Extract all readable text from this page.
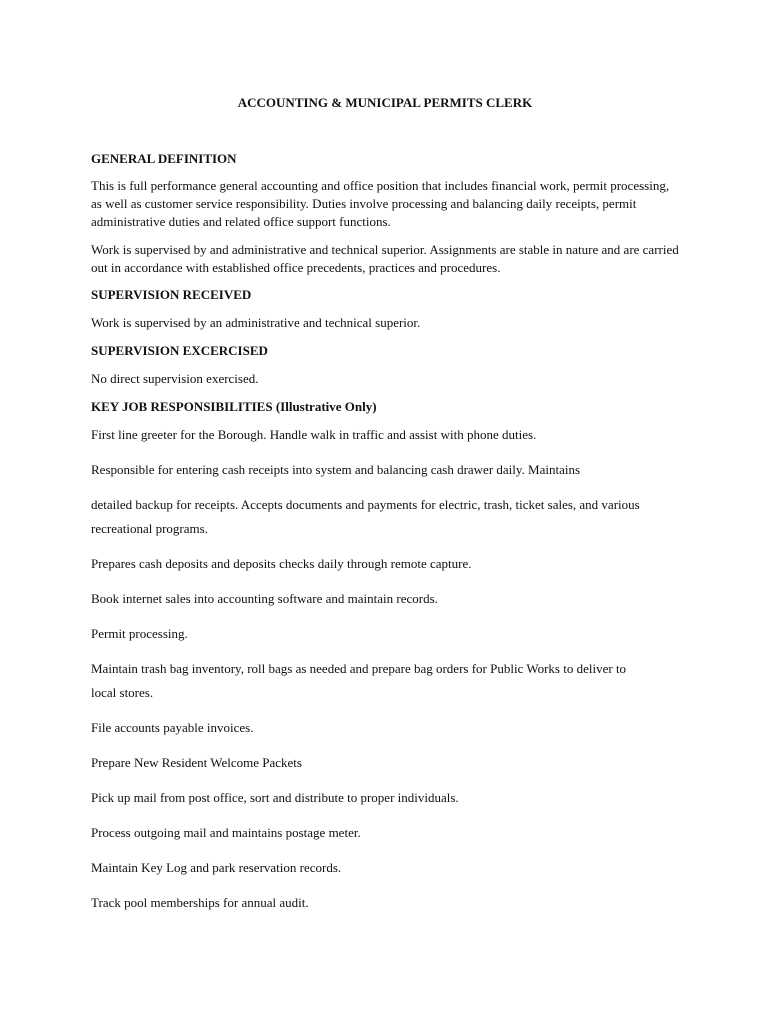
ACCOUNTING & MUNICIPAL PERMITS CLERK
GENERAL DEFINITION
This is full performance general accounting and office position that includes financial work, permit processing, as well as customer service responsibility. Duties involve processing and balancing daily receipts, permit administrative duties and related office support functions.
Work is supervised by and administrative and technical superior. Assignments are stable in nature and are carried out in accordance with established office precedents, practices and procedures.
SUPERVISION RECEIVED
Work is supervised by an administrative and technical superior.
SUPERVISION EXCERCISED
No direct supervision exercised.
KEY JOB RESPONSIBILITIES (Illustrative Only)
First line greeter for the Borough. Handle walk in traffic and assist with phone duties.
Responsible for entering cash receipts into system and balancing cash drawer daily. Maintains
detailed backup for receipts. Accepts documents and payments for electric, trash, ticket sales, and various
recreational programs.
Prepares cash deposits and deposits checks daily through remote capture.
Book internet sales into accounting software and maintain records.
Permit processing.
Maintain trash bag inventory, roll bags as needed and prepare bag orders for Public Works to deliver to
local stores.
File accounts payable invoices.
Prepare New Resident Welcome Packets
Pick up mail from post office, sort and distribute to proper individuals.
Process outgoing mail and maintains postage meter.
Maintain Key Log and park reservation records.
Track pool memberships for annual audit.
